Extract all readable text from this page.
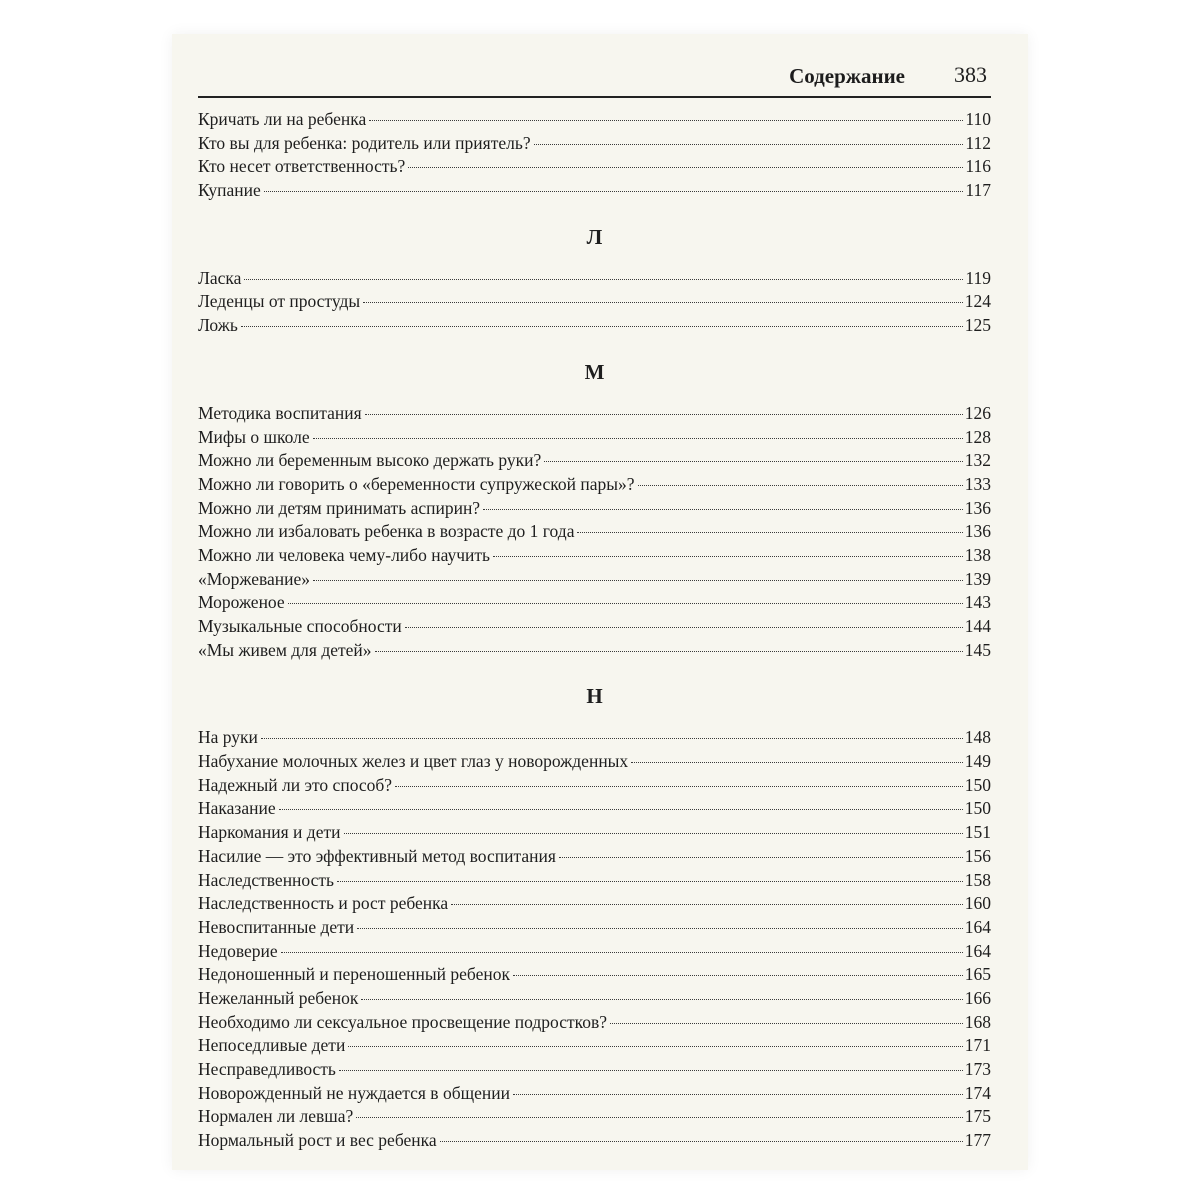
Содержание 383
Кричать ли на ребенка	110
Кто вы для ребенка: родитель или приятель?	112
Кто несет ответственность?	116
Купание	117
Л
Ласка	119
Леденцы от простуды	124
Ложь	125
М
Методика воспитания	126
Мифы о школе	128
Можно ли беременным высоко держать руки?	132
Можно ли говорить о «беременности супружеской пары»?	133
Можно ли детям принимать аспирин?	136
Можно ли избаловать ребенка в возрасте до 1 года	136
Можно ли человека чему-либо научить	138
«Моржевание»	139
Мороженое	143
Музыкальные способности	144
«Мы живем для детей»	145
Н
На руки	148
Набухание молочных желез и цвет глаз у новорожденных	149
Надежный ли это способ?	150
Наказание	150
Наркомания и дети	151
Насилие — это эффективный метод воспитания	156
Наследственность	158
Наследственность и рост ребенка	160
Невоспитанные дети	164
Недоверие	164
Недоношенный и переношенный ребенок	165
Нежеланный ребенок	166
Необходимо ли сексуальное просвещение подростков?	168
Непоседливые дети	171
Несправедливость	173
Новорожденный не нуждается в общении	174
Нормален ли левша?	175
Нормальный рост и вес ребенка	177
